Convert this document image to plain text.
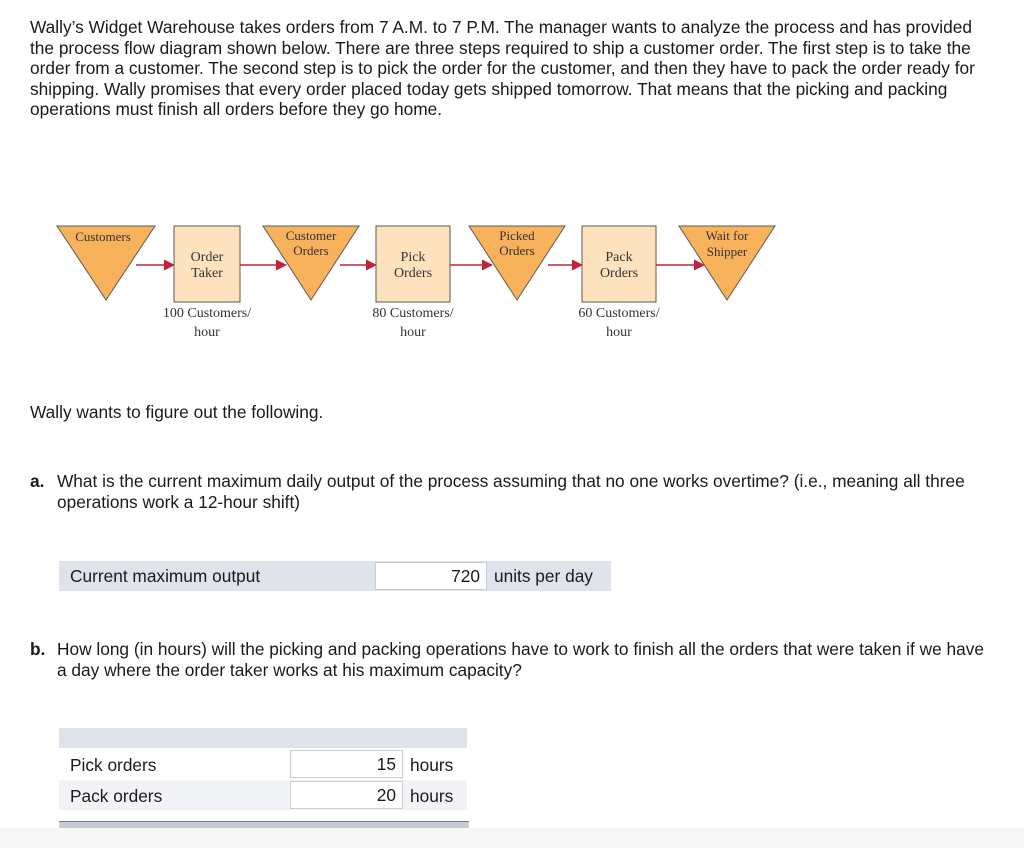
Wally’s Widget Warehouse takes orders from 7 A.M. to 7 P.M. The manager wants to analyze the process and has provided the process flow diagram shown below. There are three steps required to ship a customer order. The first step is to take the order from a customer. The second step is to pick the order for the customer, and then they have to pack the order ready for shipping. Wally promises that every order placed today gets shipped tomorrow. That means that the picking and packing operations must finish all orders before they go home.

Customers	Customer
Orders
Picked
Orders
Wait for
Shipper
Order
Taker
Pick
Orders
Pack
Orders
100 Customers/
hour
80 Customers/
hour
60 Customers/
hour

Wally wants to figure out the following.

a. What is the current maximum daily output of the process assuming that no one works overtime? (i.e., meaning all three operations work a 12-hour shift)
Current maximum output	720 units per day
b. How long (in hours) will the picking and packing operations have to work to finish all the orders that were taken if we have a day where the order taker works at his maximum capacity?
Pick orders	15 hours
Pack orders	20 hours
